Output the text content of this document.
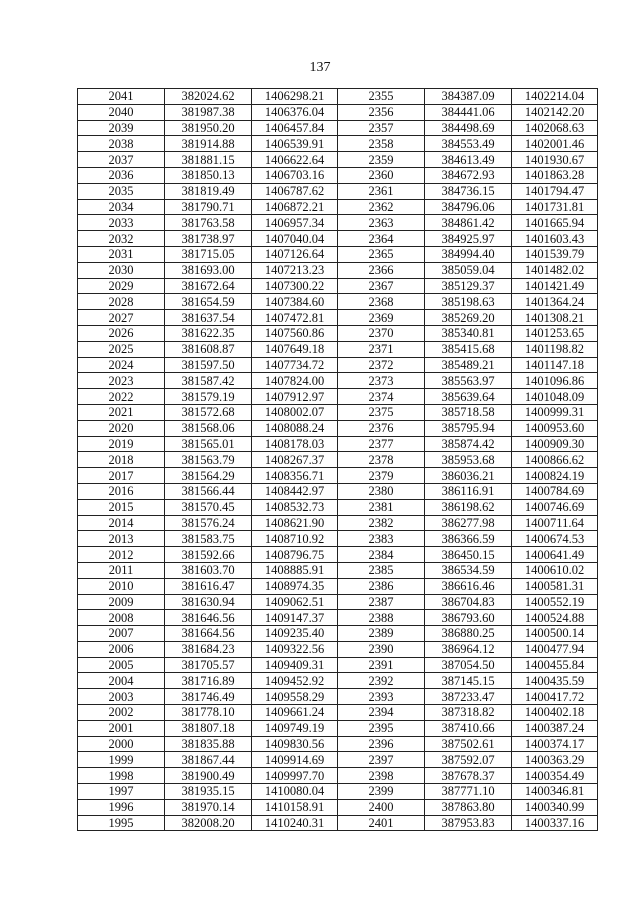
137
2041	382024.62	1406298.21	2355	384387.09	1402214.04
2040	381987.38	1406376.04	2356	384441.06	1402142.20
2039	381950.20	1406457.84	2357	384498.69	1402068.63
2038	381914.88	1406539.91	2358	384553.49	1402001.46
2037	381881.15	1406622.64	2359	384613.49	1401930.67
2036	381850.13	1406703.16	2360	384672.93	1401863.28
2035	381819.49	1406787.62	2361	384736.15	1401794.47
2034	381790.71	1406872.21	2362	384796.06	1401731.81
2033	381763.58	1406957.34	2363	384861.42	1401665.94
2032	381738.97	1407040.04	2364	384925.97	1401603.43
2031	381715.05	1407126.64	2365	384994.40	1401539.79
2030	381693.00	1407213.23	2366	385059.04	1401482.02
2029	381672.64	1407300.22	2367	385129.37	1401421.49
2028	381654.59	1407384.60	2368	385198.63	1401364.24
2027	381637.54	1407472.81	2369	385269.20	1401308.21
2026	381622.35	1407560.86	2370	385340.81	1401253.65
2025	381608.87	1407649.18	2371	385415.68	1401198.82
2024	381597.50	1407734.72	2372	385489.21	1401147.18
2023	381587.42	1407824.00	2373	385563.97	1401096.86
2022	381579.19	1407912.97	2374	385639.64	1401048.09
2021	381572.68	1408002.07	2375	385718.58	1400999.31
2020	381568.06	1408088.24	2376	385795.94	1400953.60
2019	381565.01	1408178.03	2377	385874.42	1400909.30
2018	381563.79	1408267.37	2378	385953.68	1400866.62
2017	381564.29	1408356.71	2379	386036.21	1400824.19
2016	381566.44	1408442.97	2380	386116.91	1400784.69
2015	381570.45	1408532.73	2381	386198.62	1400746.69
2014	381576.24	1408621.90	2382	386277.98	1400711.64
2013	381583.75	1408710.92	2383	386366.59	1400674.53
2012	381592.66	1408796.75	2384	386450.15	1400641.49
2011	381603.70	1408885.91	2385	386534.59	1400610.02
2010	381616.47	1408974.35	2386	386616.46	1400581.31
2009	381630.94	1409062.51	2387	386704.83	1400552.19
2008	381646.56	1409147.37	2388	386793.60	1400524.88
2007	381664.56	1409235.40	2389	386880.25	1400500.14
2006	381684.23	1409322.56	2390	386964.12	1400477.94
2005	381705.57	1409409.31	2391	387054.50	1400455.84
2004	381716.89	1409452.92	2392	387145.15	1400435.59
2003	381746.49	1409558.29	2393	387233.47	1400417.72
2002	381778.10	1409661.24	2394	387318.82	1400402.18
2001	381807.18	1409749.19	2395	387410.66	1400387.24
2000	381835.88	1409830.56	2396	387502.61	1400374.17
1999	381867.44	1409914.69	2397	387592.07	1400363.29
1998	381900.49	1409997.70	2398	387678.37	1400354.49
1997	381935.15	1410080.04	2399	387771.10	1400346.81
1996	381970.14	1410158.91	2400	387863.80	1400340.99
1995	382008.20	1410240.31	2401	387953.83	1400337.16
